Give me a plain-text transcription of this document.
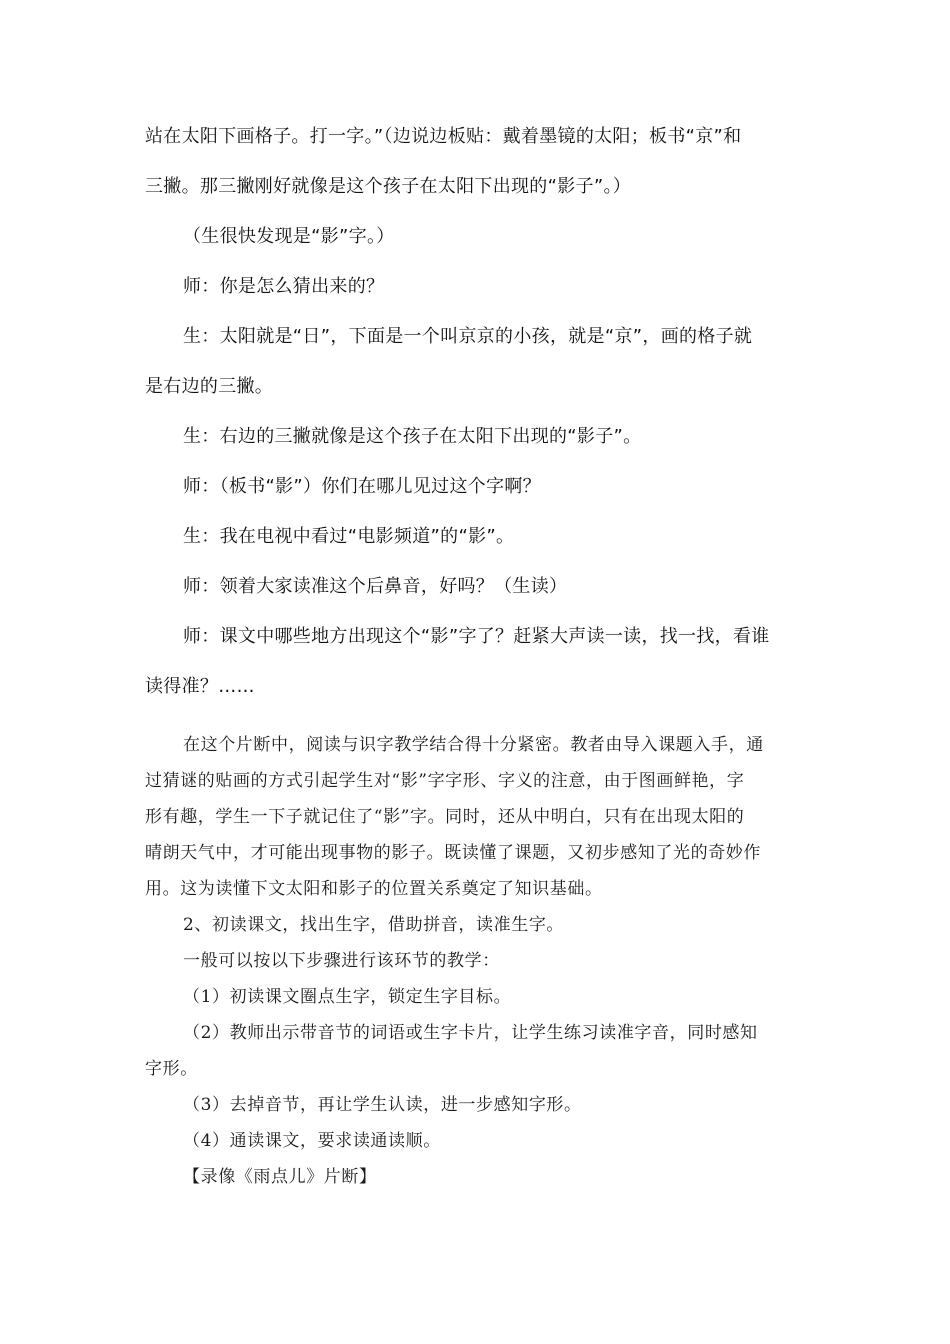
站在太阳下画格子。打一字。”（边说边板贴：戴着墨镜的太阳；板书“京”和

三撇。那三撇刚好就像是这个孩子在太阳下出现的“影子”。）

（生很快发现是“影”字。）

师：你是怎么猜出来的？

生：太阳就是“日”，下面是一个叫京京的小孩，就是“京”，画的格子就

是右边的三撇。

生：右边的三撇就像是这个孩子在太阳下出现的“影子”。

师：（板书“影”）你们在哪儿见过这个字啊？

生：我在电视中看过“电影频道”的“影”。

师：领着大家读准这个后鼻音，好吗？（生读）

师：课文中哪些地方出现这个“影”字了？赶紧大声读一读，找一找，看谁

读得准？……

在这个片断中，阅读与识字教学结合得十分紧密。教者由导入课题入手，通

过猜谜的贴画的方式引起学生对“影”字字形、字义的注意，由于图画鲜艳，字

形有趣，学生一下子就记住了“影”字。同时，还从中明白，只有在出现太阳的

晴朗天气中，才可能出现事物的影子。既读懂了课题，又初步感知了光的奇妙作

用。这为读懂下文太阳和影子的位置关系奠定了知识基础。

2、初读课文，找出生字，借助拼音，读准生字。

一般可以按以下步骤进行该环节的教学：

（1）初读课文圈点生字，锁定生字目标。

（2）教师出示带音节的词语或生字卡片，让学生练习读准字音，同时感知

字形。

（3）去掉音节，再让学生认读，进一步感知字形。

（4）通读课文，要求读通读顺。

【录像《雨点儿》片断】
